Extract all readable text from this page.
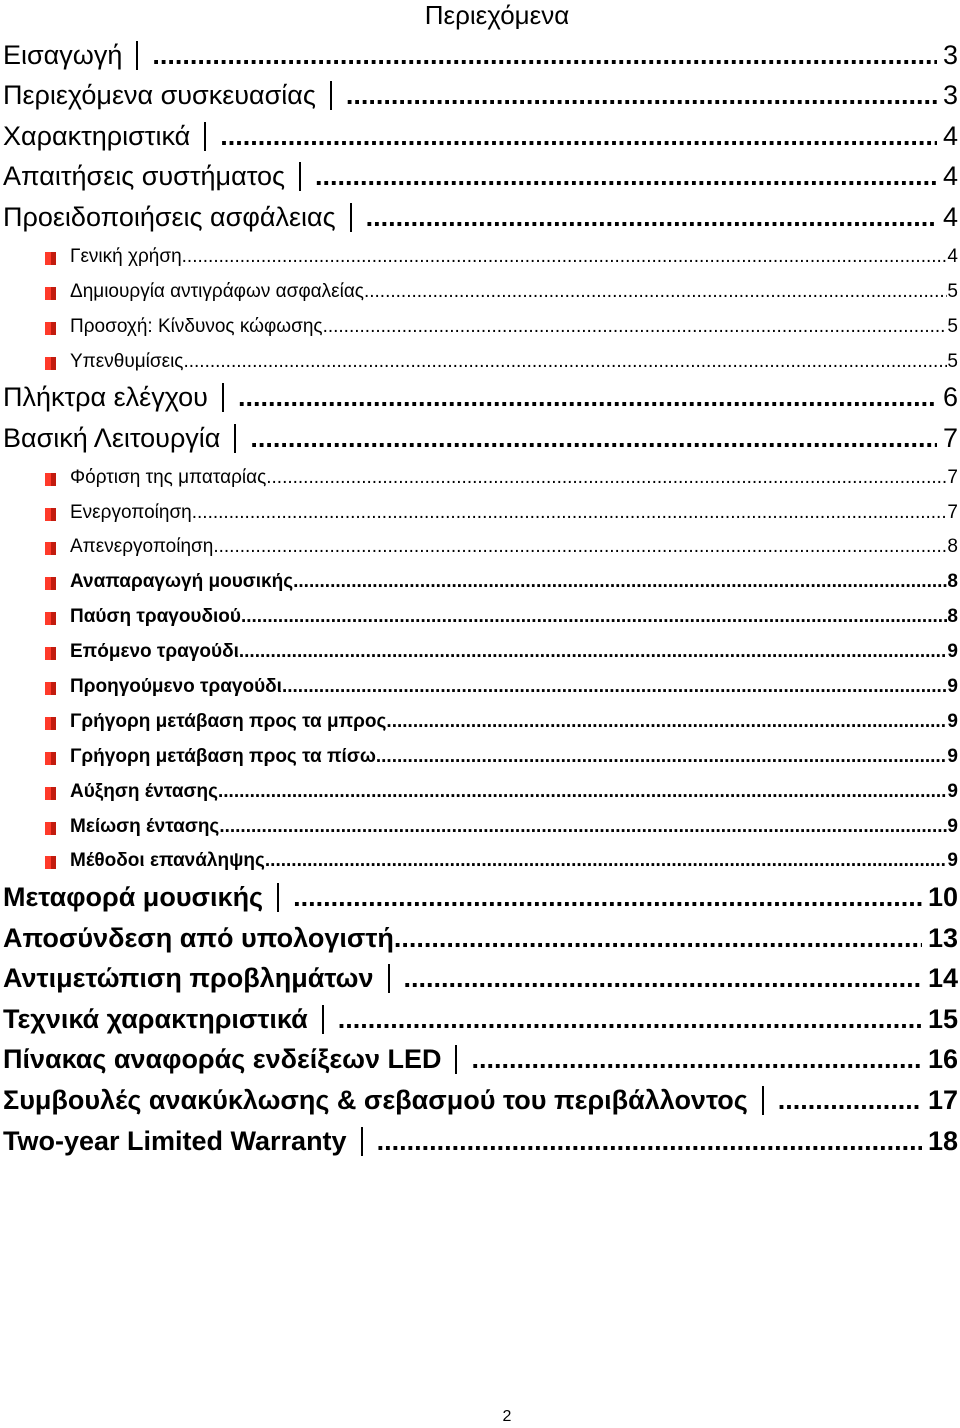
Περιεχόμενα
Εισαγωγή .....	3
Περιεχόμενα συσκευασίας .....	3
Χαρακτηριστικά .....	4
Απαιτήσεις συστήματος .....	4
Προειδοποιήσεις ασφάλειας .....	4
Γενική χρήση .....	4
Δημιουργία αντιγράφων ασφαλείας .....	5
Προσοχή: Κίνδυνος κώφωσης .....	5
Υπενθυμίσεις .....	5
Πλήκτρα ελέγχου .....	6
Βασική Λειτουργία .....	7
Φόρτιση της μπαταρίας .....	7
Ενεργοποίηση .....	7
Απενεργοποίηση .....	8
Αναπαραγωγή μουσικής .....	8
Παύση τραγουδιού .....	8
Επόμενο τραγούδι .....	9
Προηγούμενο τραγούδι .....	9
Γρήγορη μετάβαση προς τα μπρος .....	9
Γρήγορη μετάβαση προς τα πίσω .....	9
Αύξηση έντασης .....	9
Μείωση έντασης .....	9
Μέθοδοι επανάληψης .....	9
Μεταφορά μουσικής .....	10
Αποσύνδεση από υπολογιστή .....	13
Αντιμετώπιση προβλημάτων .....	14
Τεχνικά χαρακτηριστικά .....	15
Πίνακας αναφοράς ενδείξεων LED .....	16
Συμβουλές ανακύκλωσης & σεβασμού του περιβάλλοντος .....	17
Two-year Limited Warranty .....	18
2
